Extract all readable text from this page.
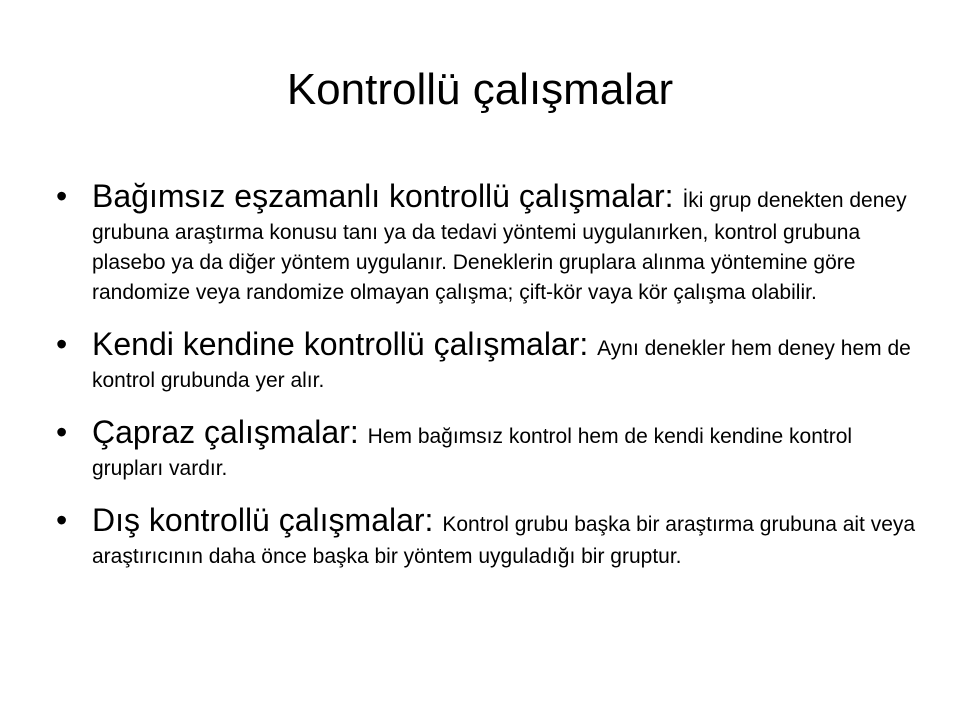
Kontrollü çalışmalar
• Bağımsız eşzamanlı kontrollü çalışmalar: İki grup denekten deney grubuna araştırma konusu tanı ya da tedavi yöntemi uygulanırken, kontrol grubuna plasebo ya da diğer yöntem uygulanır. Deneklerin gruplara alınma yöntemine göre randomize veya randomize olmayan çalışma; çift-kör vaya kör çalışma olabilir.
• Kendi kendine kontrollü çalışmalar: Aynı denekler hem deney hem de kontrol grubunda yer alır.
• Çapraz çalışmalar: Hem bağımsız kontrol hem de kendi kendine kontrol grupları vardır.
• Dış kontrollü çalışmalar: Kontrol grubu başka bir araştırma grubuna ait veya araştırıcının daha önce başka bir yöntem uyguladığı bir gruptur.
